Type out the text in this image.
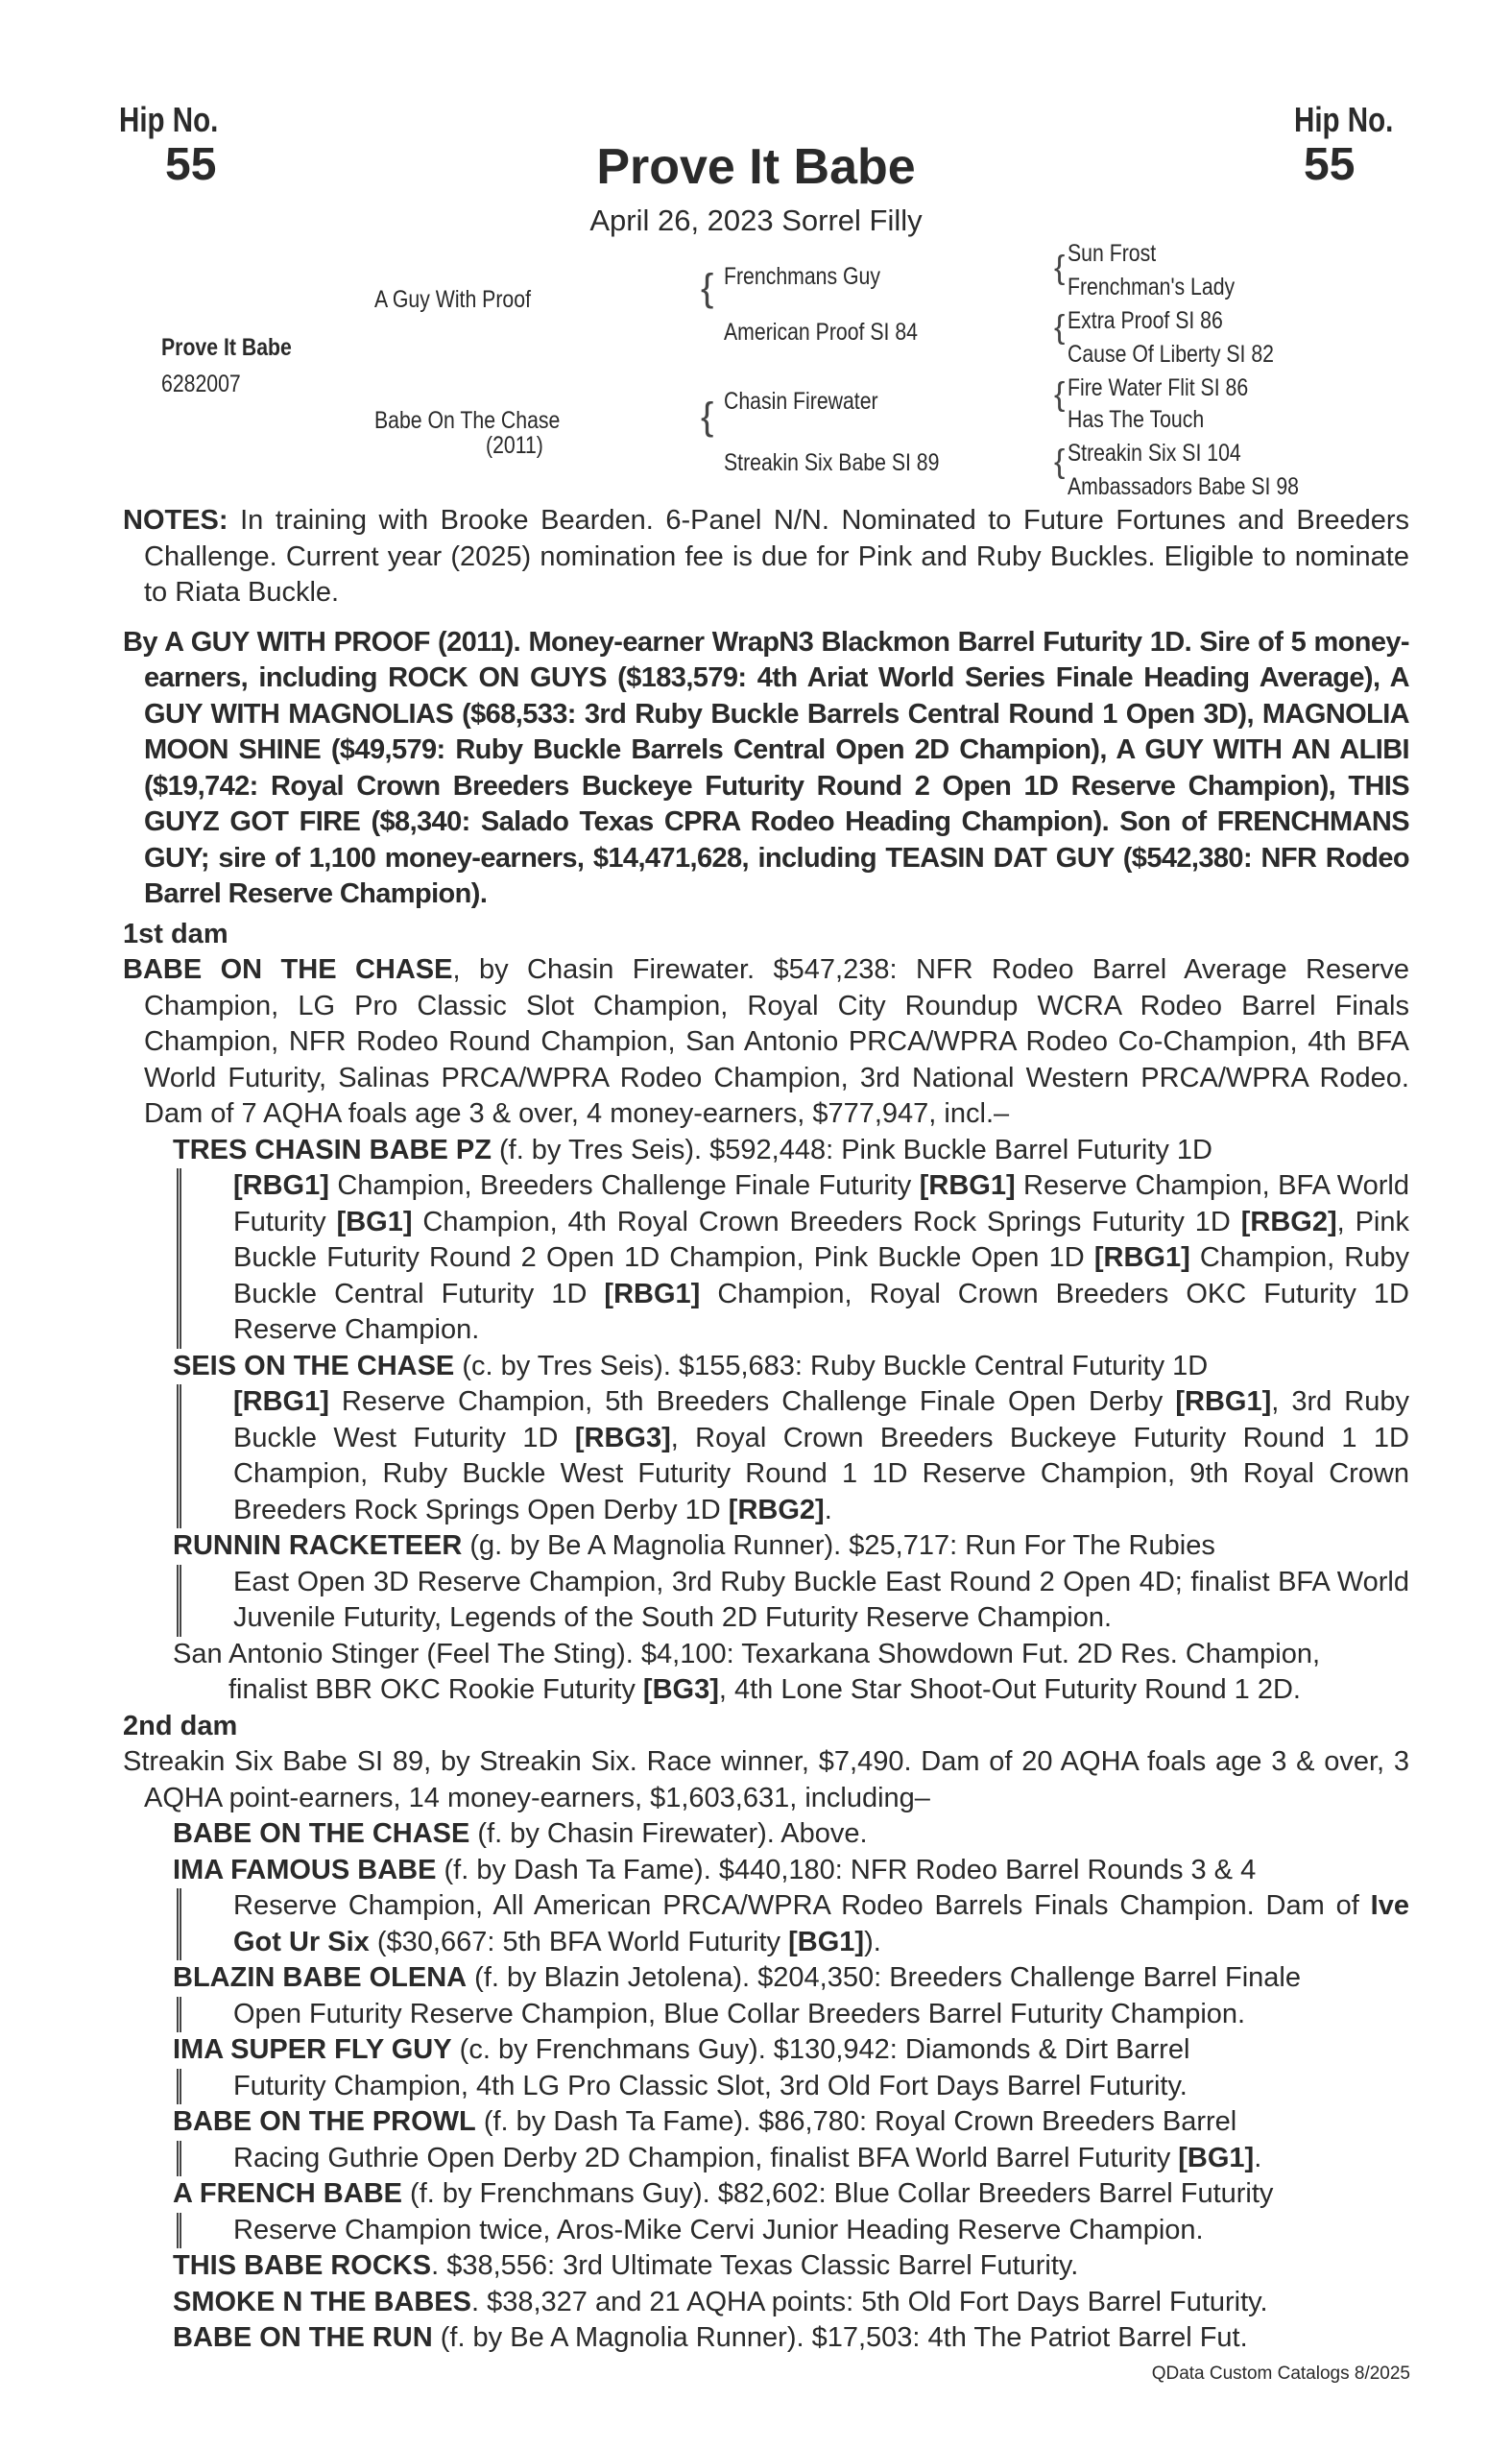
Hip No.
55
Hip No.
55
Prove It Babe
April 26, 2023 Sorrel Filly
Prove It Babe
6282007
A Guy With Proof
Babe On The Chase
(2011)
{ Frenchmans Guy
American Proof SI 84
{ Chasin Firewater
Streakin Six Babe SI 89
{ Sun Frost
Frenchman's Lady
{ Extra Proof SI 86
Cause Of Liberty SI 82
{ Fire Water Flit SI 86
Has The Touch
{ Streakin Six SI 104
Ambassadors Babe SI 98

NOTES: In training with Brooke Bearden. 6-Panel N/N. Nominated to Future Fortunes and Breeders Challenge. Current year (2025) nomination fee is due for Pink and Ruby Buckles. Eligible to nominate to Riata Buckle.

By A GUY WITH PROOF (2011). Money-earner WrapN3 Blackmon Barrel Futurity 1D. Sire of 5 money-earners, including ROCK ON GUYS ($183,579: 4th Ariat World Series Finale Heading Average), A GUY WITH MAGNOLIAS ($68,533: 3rd Ruby Buckle Barrels Central Round 1 Open 3D), MAGNOLIA MOON SHINE ($49,579: Ruby Buckle Barrels Central Open 2D Champion), A GUY WITH AN ALIBI ($19,742: Royal Crown Breeders Buckeye Futurity Round 2 Open 1D Reserve Champion), THIS GUYZ GOT FIRE ($8,340: Salado Texas CPRA Rodeo Heading Champion). Son of FRENCHMANS GUY; sire of 1,100 money-earners, $14,471,628, including TEASIN DAT GUY ($542,380: NFR Rodeo Barrel Reserve Champion).

1st dam

BABE ON THE CHASE, by Chasin Firewater. $547,238: NFR Rodeo Barrel Average Reserve Champion, LG Pro Classic Slot Champion, Royal City Roundup WCRA Rodeo Barrel Finals Champion, NFR Rodeo Round Champion, San Antonio PRCA/WPRA Rodeo Co-Champion, 4th BFA World Futurity, Salinas PRCA/WPRA Rodeo Champion, 3rd National Western PRCA/WPRA Rodeo. Dam of 7 AQHA foals age 3 & over, 4 money-earners, $777,947, incl.–

TRES CHASIN BABE PZ (f. by Tres Seis). $592,448: Pink Buckle Barrel Futurity 1D
[RBG1] Champion, Breeders Challenge Finale Futurity [RBG1] Reserve Champion, BFA World Futurity [BG1] Champion, 4th Royal Crown Breeders Rock Springs Futurity 1D [RBG2], Pink Buckle Futurity Round 2 Open 1D Champion, Pink Buckle Open 1D [RBG1] Champion, Ruby Buckle Central Futurity 1D [RBG1] Champion, Royal Crown Breeders OKC Futurity 1D Reserve Champion.

SEIS ON THE CHASE (c. by Tres Seis). $155,683: Ruby Buckle Central Futurity 1D
[RBG1] Reserve Champion, 5th Breeders Challenge Finale Open Derby [RBG1], 3rd Ruby Buckle West Futurity 1D [RBG3], Royal Crown Breeders Buckeye Futurity Round 1 1D Champion, Ruby Buckle West Futurity Round 1 1D Reserve Champion, 9th Royal Crown Breeders Rock Springs Open Derby 1D [RBG2].

RUNNIN RACKETEER (g. by Be A Magnolia Runner). $25,717: Run For The Rubies
East Open 3D Reserve Champion, 3rd Ruby Buckle East Round 2 Open 4D; finalist BFA World Juvenile Futurity, Legends of the South 2D Futurity Reserve Champion.

San Antonio Stinger (Feel The Sting). $4,100: Texarkana Showdown Fut. 2D Res. Champion,
finalist BBR OKC Rookie Futurity [BG3], 4th Lone Star Shoot-Out Futurity Round 1 2D.

2nd dam

Streakin Six Babe SI 89, by Streakin Six. Race winner, $7,490. Dam of 20 AQHA foals age 3 & over, 3 AQHA point-earners, 14 money-earners, $1,603,631, including–

BABE ON THE CHASE (f. by Chasin Firewater). Above.

IMA FAMOUS BABE (f. by Dash Ta Fame). $440,180: NFR Rodeo Barrel Rounds 3 & 4
Reserve Champion, All American PRCA/WPRA Rodeo Barrels Finals Champion. Dam of Ive Got Ur Six ($30,667: 5th BFA World Futurity [BG1]).

BLAZIN BABE OLENA (f. by Blazin Jetolena). $204,350: Breeders Challenge Barrel Finale
Open Futurity Reserve Champion, Blue Collar Breeders Barrel Futurity Champion.

IMA SUPER FLY GUY (c. by Frenchmans Guy). $130,942: Diamonds & Dirt Barrel
Futurity Champion, 4th LG Pro Classic Slot, 3rd Old Fort Days Barrel Futurity.

BABE ON THE PROWL (f. by Dash Ta Fame). $86,780: Royal Crown Breeders Barrel
Racing Guthrie Open Derby 2D Champion, finalist BFA World Barrel Futurity [BG1].

A FRENCH BABE (f. by Frenchmans Guy). $82,602: Blue Collar Breeders Barrel Futurity
Reserve Champion twice, Aros-Mike Cervi Junior Heading Reserve Champion.

THIS BABE ROCKS. $38,556: 3rd Ultimate Texas Classic Barrel Futurity.

SMOKE N THE BABES. $38,327 and 21 AQHA points: 5th Old Fort Days Barrel Futurity.

BABE ON THE RUN (f. by Be A Magnolia Runner). $17,503: 4th The Patriot Barrel Fut.

QData Custom Catalogs 8/2025
